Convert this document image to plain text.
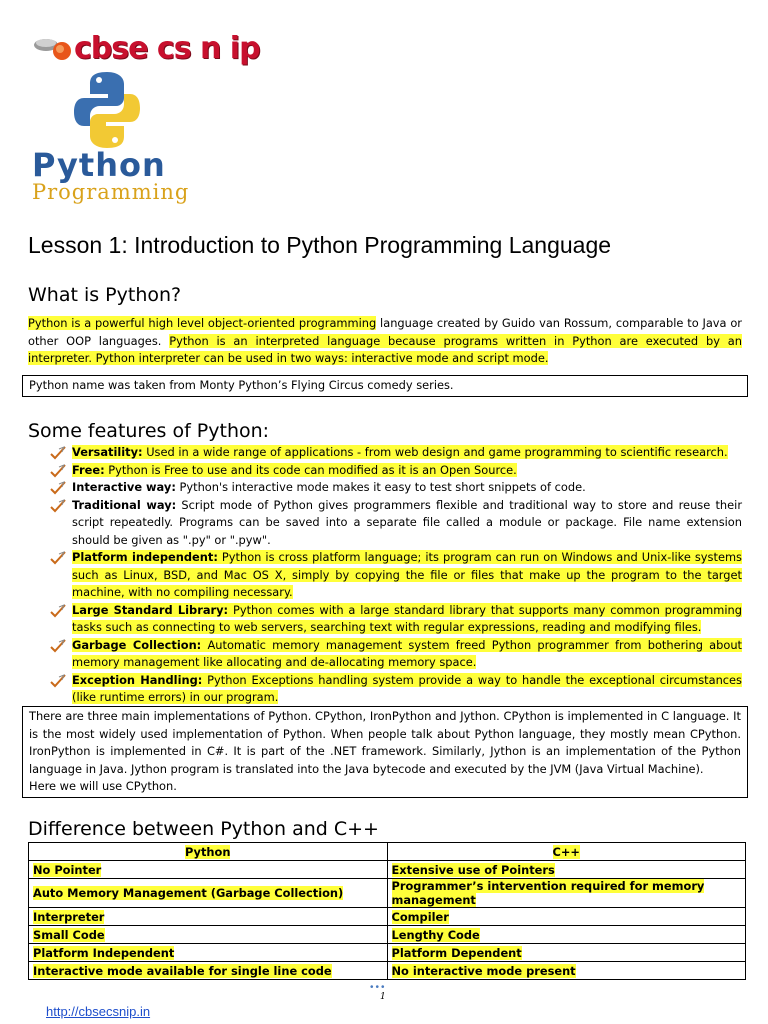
cbse cs n ip
Python
Programming
Lesson 1: Introduction to Python Programming Language
What is Python?
Python is a powerful high level object-oriented programming language created by Guido van Rossum, comparable to Java or other OOP languages. Python is an interpreted language because programs written in Python are executed by an interpreter. Python interpreter can be used in two ways: interactive mode and script mode.
Python name was taken from Monty Python’s Flying Circus comedy series.
Some features of Python:
Versatility: Used in a wide range of applications - from web design and game programming to scientific research.
Free: Python is Free to use and its code can modified as it is an Open Source.
Interactive way: Python's interactive mode makes it easy to test short snippets of code.
Traditional way: Script mode of Python gives programmers flexible and traditional way to store and reuse their script repeatedly. Programs can be saved into a separate file called a module or package. File name extension should be given as ".py" or ".pyw".
Platform independent: Python is cross platform language; its program can run on Windows and Unix-like systems such as Linux, BSD, and Mac OS X, simply by copying the file or files that make up the program to the target machine, with no compiling necessary.
Large Standard Library: Python comes with a large standard library that supports many common programming tasks such as connecting to web servers, searching text with regular expressions, reading and modifying files.
Garbage Collection: Automatic memory management system freed Python programmer from bothering about memory management like allocating and de-allocating memory space.
Exception Handling: Python Exceptions handling system provide a way to handle the exceptional circumstances (like runtime errors) in our program.
There are three main implementations of Python. CPython, IronPython and Jython. CPython is implemented in C language. It is the most widely used implementation of Python. When people talk about Python language, they mostly mean CPython. IronPython is implemented in C#. It is part of the .NET framework. Similarly, Jython is an implementation of the Python language in Java. Jython program is translated into the Java bytecode and executed by the JVM (Java Virtual Machine).
Here we will use CPython.
Difference between Python and C++
Python	C++
No Pointer	Extensive use of Pointers
Auto Memory Management (Garbage Collection)	Programmer’s intervention required for memory management
Interpreter	Compiler
Small Code	Lengthy Code
Platform Independent	Platform Dependent
Interactive mode available for single line code	No interactive mode present
•••
1
http://cbsecsnip.in
